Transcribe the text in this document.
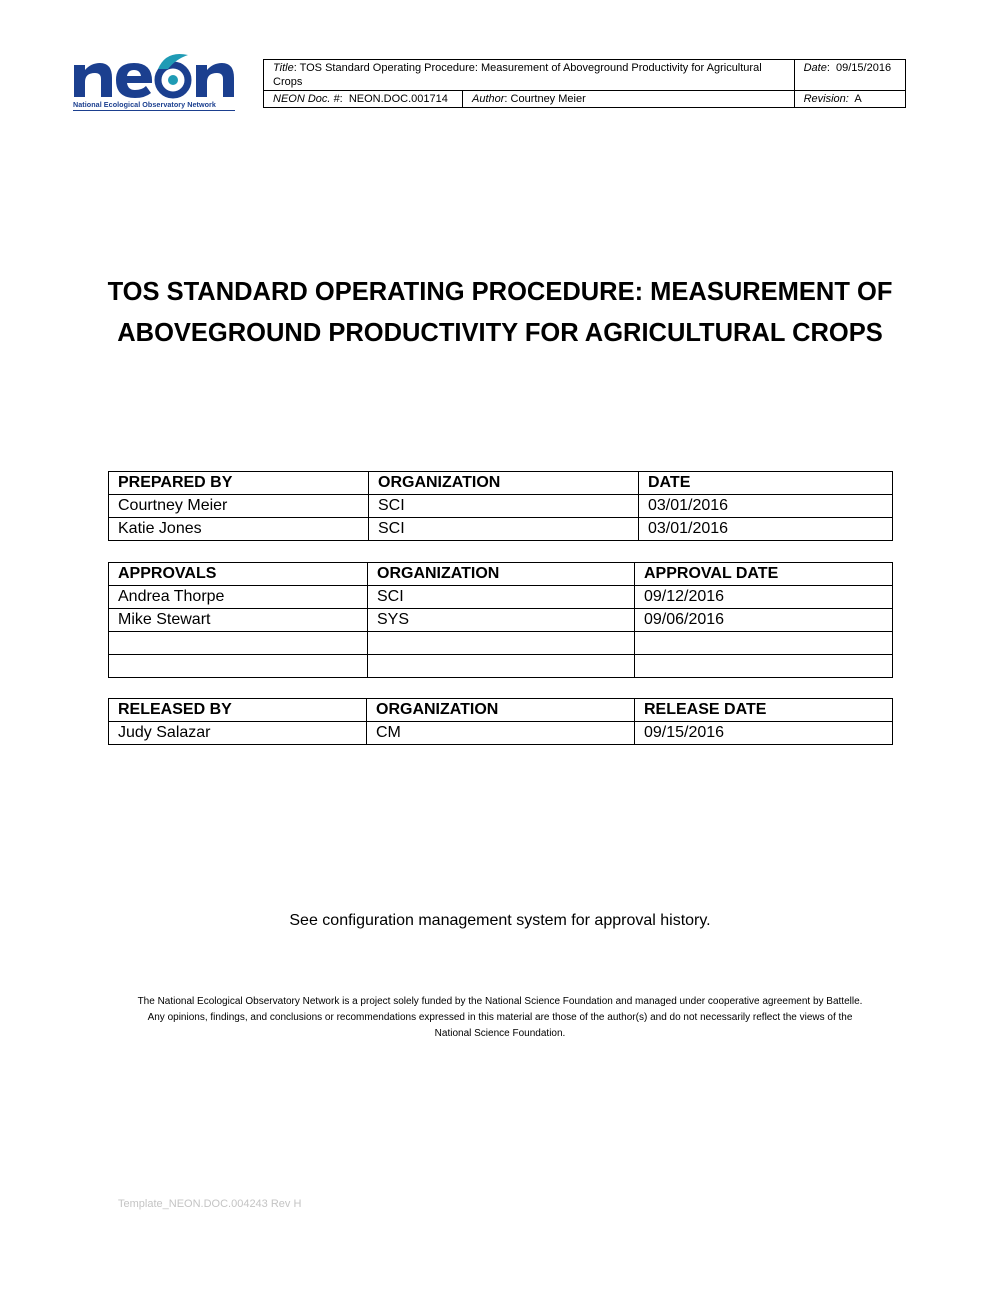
National Ecological Observatory Network
Title: TOS Standard Operating Procedure: Measurement of Aboveground Productivity for Agricultural Crops		Date:  09/15/2016
NEON Doc. #:  NEON.DOC.001714	Author: Courtney Meier	Revision: A
TOS STANDARD OPERATING PROCEDURE: MEASUREMENT OF ABOVEGROUND PRODUCTIVITY FOR AGRICULTURAL CROPS
PREPARED BY	ORGANIZATION	DATE
Courtney Meier	SCI	03/01/2016
Katie Jones	SCI	03/01/2016
APPROVALS	ORGANIZATION	APPROVAL DATE
Andrea Thorpe	SCI	09/12/2016
Mike Stewart	SYS	09/06/2016

RELEASED BY	ORGANIZATION	RELEASE DATE
Judy Salazar	CM	09/15/2016
See configuration management system for approval history.
The National Ecological Observatory Network is a project solely funded by the National Science Foundation and managed under cooperative agreement by Battelle.
Any opinions, findings, and conclusions or recommendations expressed in this material are those of the author(s) and do not necessarily reflect the views of the
National Science Foundation.
Template_NEON.DOC.004243 Rev H
